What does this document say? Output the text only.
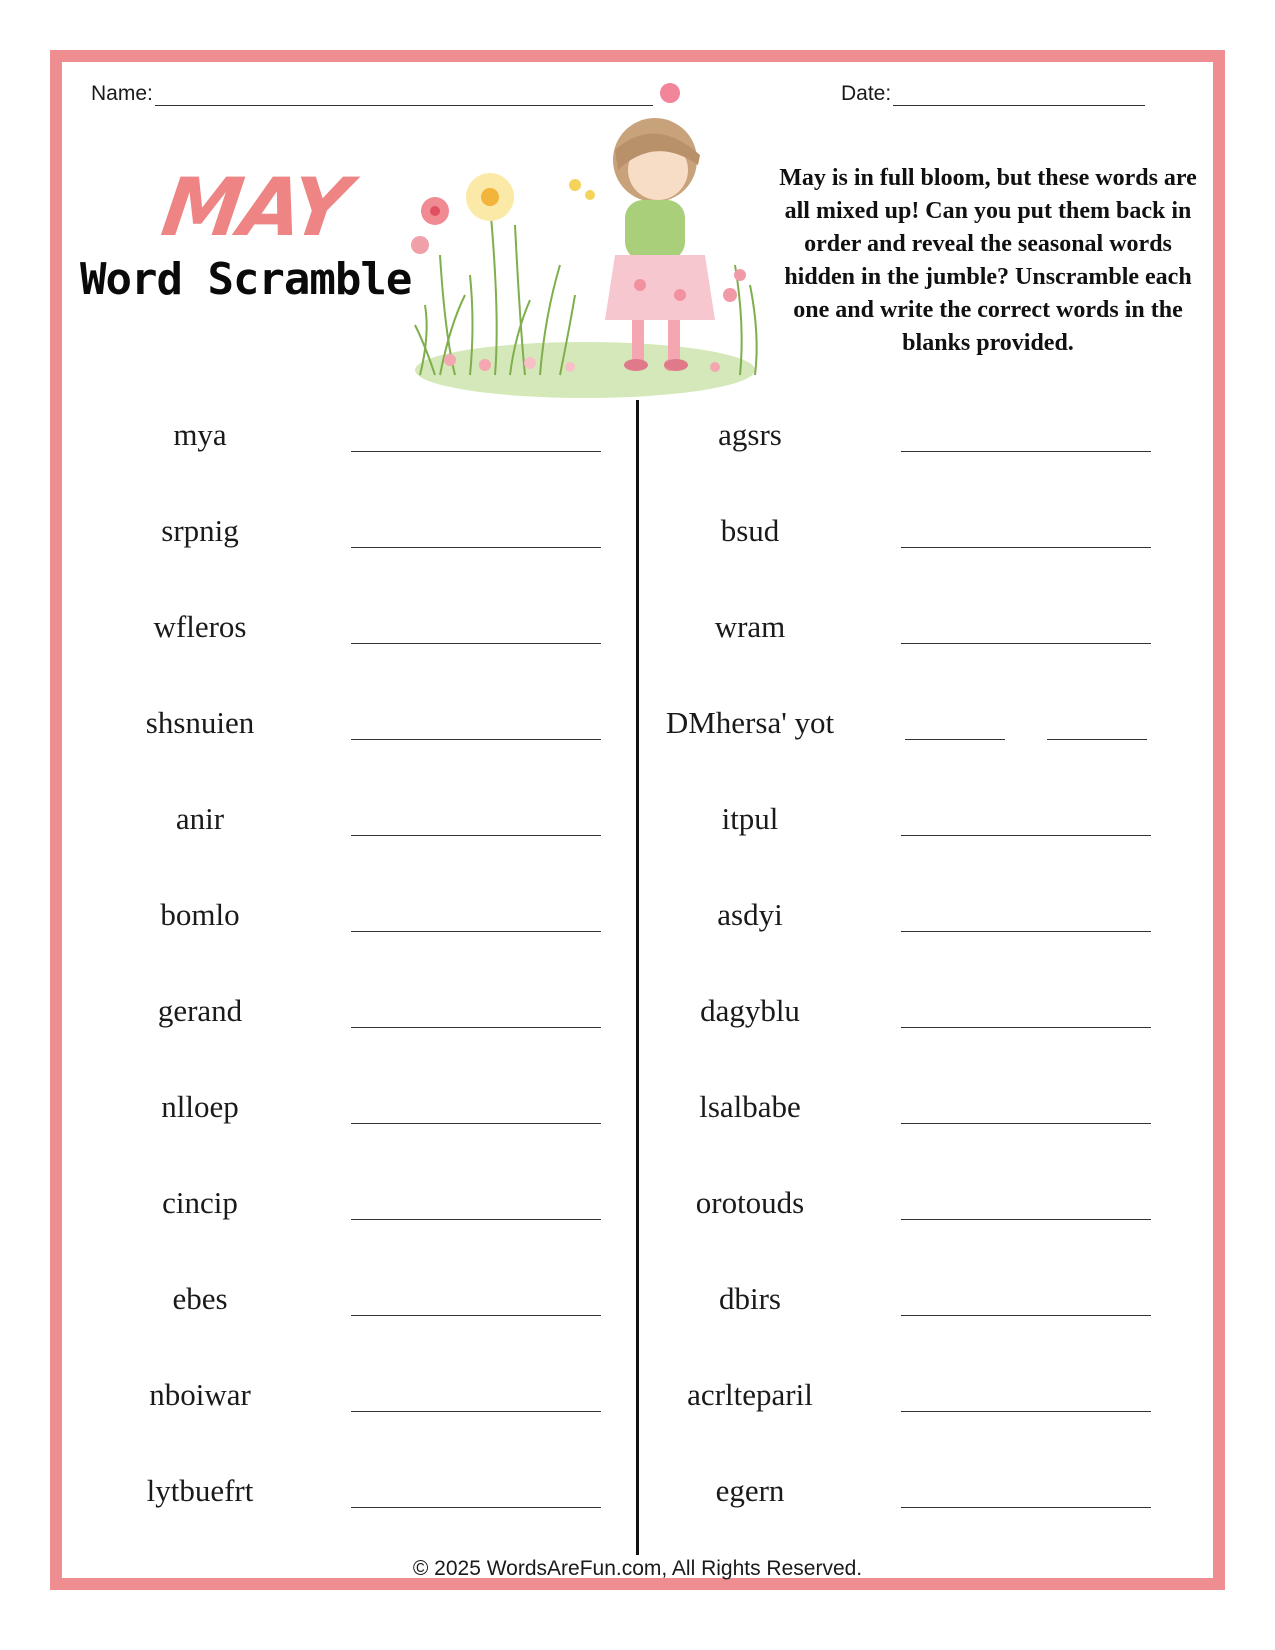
Name:	Date:
MAY
Word Scramble
May is in full bloom, but these words are all mixed up! Can you put them back in order and reveal the seasonal words hidden in the jumble? Unscramble each one and write the correct words in the blanks provided.
mya
srpnig
wfleros
shsnuien
anir
bomlo
gerand
nlloep
cincip
ebes
nboiwar
lytbuefrt
agsrs
bsud
wram
DMhersa' yot
itpul
asdyi
dagyblu
lsalbabe
orotouds
dbirs
acrlteparil
egern
© 2025 WordsAreFun.com, All Rights Reserved.
